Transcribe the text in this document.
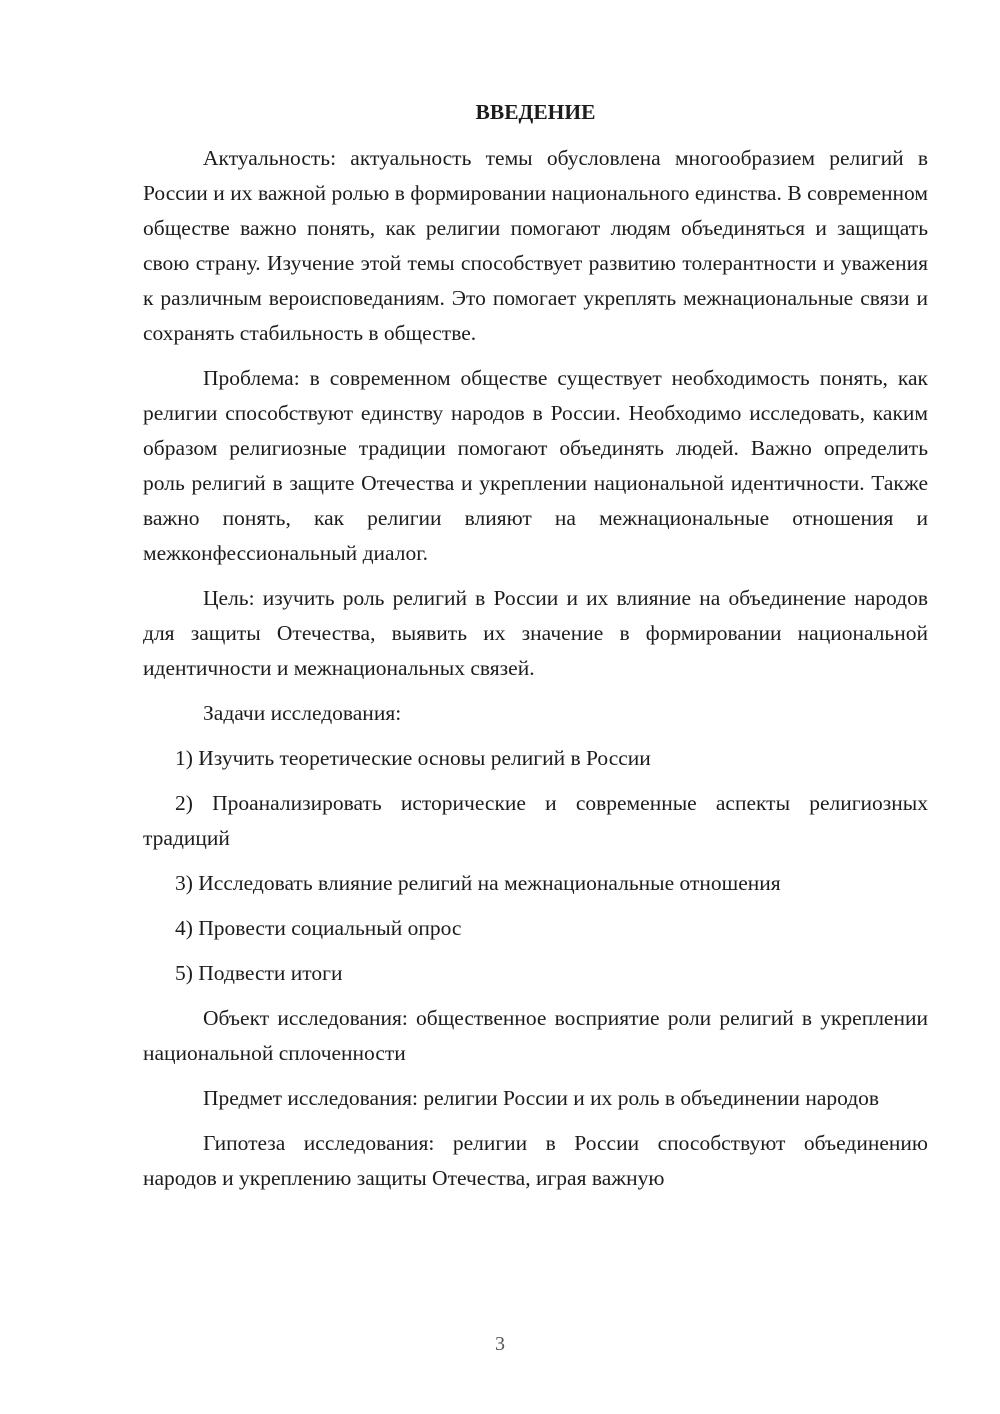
ВВЕДЕНИЕ

Актуальность: актуальность темы обусловлена многообразием религий в России и их важной ролью в формировании национального единства. В современном обществе важно понять, как религии помогают людям объединяться и защищать свою страну. Изучение этой темы способствует развитию толерантности и уважения к различным вероисповеданиям. Это помогает укреплять межнациональные связи и сохранять стабильность в обществе.

Проблема: в современном обществе существует необходимость понять, как религии способствуют единству народов в России. Необходимо исследовать, каким образом религиозные традиции помогают объединять людей. Важно определить роль религий в защите Отечества и укреплении национальной идентичности. Также важно понять, как религии влияют на межнациональные отношения и межконфессиональный диалог.

Цель: изучить роль религий в России и их влияние на объединение народов для защиты Отечества, выявить их значение в формировании национальной идентичности и межнациональных связей.

Задачи исследования:

1) Изучить теоретические основы религий в России

2) Проанализировать исторические и современные аспекты религиозных традиций

3) Исследовать влияние религий на межнациональные отношения

4) Провести социальный опрос

5) Подвести итоги

Объект исследования: общественное восприятие роли религий в укреплении национальной сплоченности

Предмет исследования: религии России и их роль в объединении народов

Гипотеза исследования: религии в России способствуют объединению народов и укреплению защиты Отечества, играя важную

3
